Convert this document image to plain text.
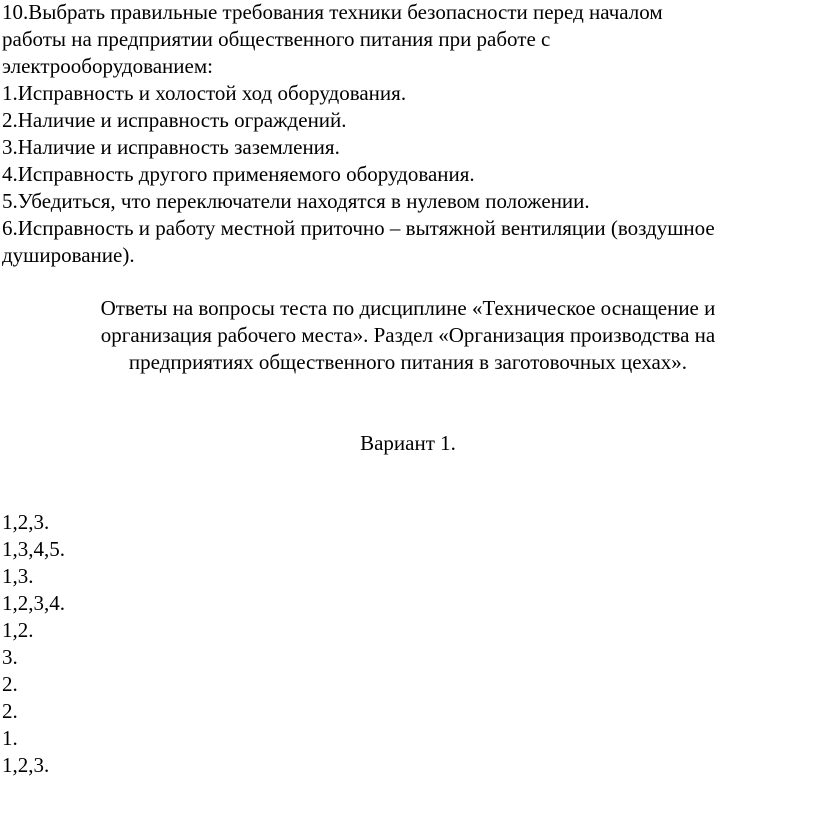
10.Выбрать правильные требования техники безопасности перед началом
работы на предприятии общественного питания при работе с
электрооборудованием:
1.Исправность и холостой ход оборудования.
2.Наличие и исправность ограждений.
3.Наличие и исправность заземления.
4.Исправность другого применяемого оборудования.
5.Убедиться, что переключатели находятся в нулевом положении.
6.Исправность и работу местной приточно – вытяжной вентиляции (воздушное
душирование).
Ответы на вопросы теста по дисциплине «Техническое оснащение и
организация рабочего места». Раздел «Организация производства на
предприятиях общественного питания в заготовочных цехах».
Вариант 1.
1,2,3.
1,3,4,5.
1,3.
1,2,3,4.
1,2.
3.
2.
2.
1.
1,2,3.
